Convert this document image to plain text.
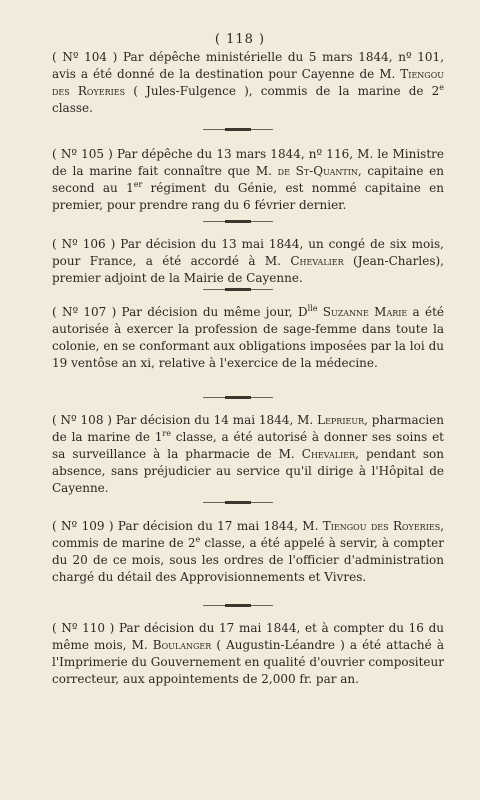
( 118 )

( Nº 104 ) Par dépêche ministérielle du 5 mars 1844, nº 101, avis a été donné de la destination pour Cayenne de M. Tiengou des Royeries ( Jules-Fulgence ), commis de la marine de 2e classe.

( Nº 105 ) Par dépêche du 13 mars 1844, nº 116, M. le Ministre de la marine fait connaître que M. de St-Quantin, capitaine en second au 1er régiment du Génie, est nommé capitaine en premier, pour prendre rang du 6 février dernier.

( Nº 106 ) Par décision du 13 mai 1844, un congé de six mois, pour France, a été accordé à M. Chevalier (Jean-Charles), premier adjoint de la Mairie de Cayenne.

( Nº 107 ) Par décision du même jour, $D^{lle}$ Suzanne Marie a été autorisée à exercer la profession de sage-femme dans toute la colonie, en se conformant aux obligations imposées par la loi du 19 ventôse an xi, relative à l'exercice de la médecine.

( Nº 108 ) Par décision du 14 mai 1844, M. Leprieur, pharmacien de la marine de 1re classe, a été autorisé à donner ses soins et sa surveillance à la pharmacie de M. Chevalier, pendant son absence, sans préjudicier au service qu'il dirige à l'Hôpital de Cayenne.

( Nº 109 ) Par décision du 17 mai 1844, M. Tiengou des Royeries, commis de marine de 2e classe, a été appelé à servir, à compter du 20 de ce mois, sous les ordres de l'officier d'administration chargé du détail des Approvisionnements et Vivres.

( Nº 110 ) Par décision du 17 mai 1844, et à compter du 16 du même mois, M. Boulanger ( Augustin-Léandre ) a été attaché à l'Imprimerie du Gouvernement en qualité d'ouvrier compositeur correcteur, aux appointements de 2,000 fr. par an.
